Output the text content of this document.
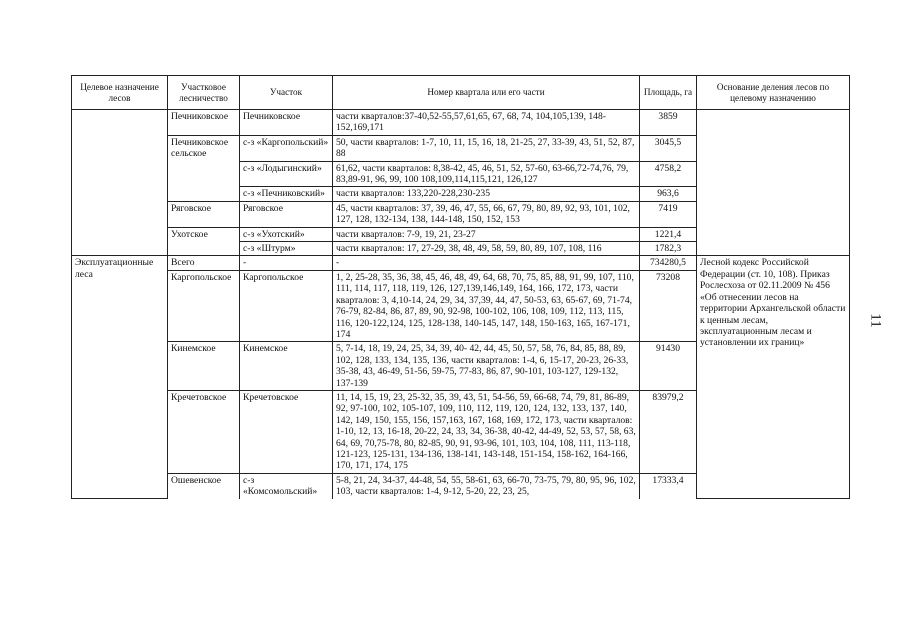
11
Целевое назначение лесов	Участковое лесничество	Участок	Номер квартала или его части	Площадь, га	Основание деления лесов по целевому назначению
	Печниковское	Печниковское	части кварталов:37-40,52-55,57,61,65, 67, 68, 74, 104,105,139, 148-152,169,171	3859	
	Печниковское сельское	с-з «Каргопольский»	50, части кварталов: 1-7, 10, 11, 15, 16, 18, 21-25, 27, 33-39, 43, 51, 52, 87, 88	3045,5	
		с-з «Лодыгинский»	61,62, части кварталов: 8,38-42, 45, 46, 51, 52, 57-60, 63-66,72-74,76, 79, 83,89-91, 96, 99, 100 108,109,114,115,121, 126,127	4758,2	
		с-з «Печниковский»	части кварталов: 133,220-228,230-235	963,6	
	Ряговское	Ряговское	45, части кварталов: 37, 39, 46, 47, 55, 66, 67, 79, 80, 89, 92, 93, 101, 102, 127, 128, 132-134, 138, 144-148, 150, 152, 153	7419	
	Ухотское	с-з «Ухотский»	части кварталов: 7-9, 19, 21, 23-27	1221,4	
		с-з «Штурм»	части кварталов: 17, 27-29, 38, 48, 49, 58, 59, 80, 89, 107, 108, 116	1782,3	
Эксплуатационные леса	Всего	-	-	734280,5	Лесной кодекс Российской Федерации (ст. 10, 108). Приказ Рослесхоза от 02.11.2009 № 456 «Об отнесении лесов на территории Архангельской области к ценным лесам, эксплуатационным лесам и установлении их границ»
	Каргопольское	Каргопольское	1, 2, 25-28, 35, 36, 38, 45, 46, 48, 49, 64, 68, 70, 75, 85, 88, 91, 99, 107, 110, 111, 114, 117, 118, 119, 126, 127,139,146,149, 164, 166, 172, 173, части кварталов: 3, 4,10-14, 24, 29, 34, 37,39, 44, 47, 50-53, 63, 65-67, 69, 71-74, 76-79, 82-84, 86, 87, 89, 90, 92-98, 100-102, 106, 108, 109, 112, 113, 115, 116, 120-122,124, 125, 128-138, 140-145, 147, 148, 150-163, 165, 167-171, 174	73208	
	Кинемское	Кинемское	5, 7-14, 18, 19, 24, 25, 34, 39, 40- 42, 44, 45, 50, 57, 58, 76, 84, 85, 88, 89, 102, 128, 133, 134, 135, 136, части кварталов: 1-4, 6, 15-17, 20-23, 26-33, 35-38, 43, 46-49, 51-56, 59-75, 77-83, 86, 87, 90-101, 103-127, 129-132, 137-139	91430	
	Кречетовское	Кречетовское	11, 14, 15, 19, 23, 25-32, 35, 39, 43, 51, 54-56, 59, 66-68, 74, 79, 81, 86-89, 92, 97-100, 102, 105-107, 109, 110, 112, 119, 120, 124, 132, 133, 137, 140, 142, 149, 150, 155, 156, 157,163, 167, 168, 169, 172, 173, части кварталов: 1-10, 12, 13, 16-18, 20-22, 24, 33, 34, 36-38, 40-42, 44-49, 52, 53, 57, 58, 63, 64, 69, 70,75-78, 80, 82-85, 90, 91, 93-96, 101, 103, 104, 108, 111, 113-118, 121-123, 125-131, 134-136, 138-141, 143-148, 151-154, 158-162, 164-166, 170, 171, 174, 175	83979,2	
	Ошевенское	с-з «Комсомольский»	5-8, 21, 24, 34-37, 44-48, 54, 55, 58-61, 63, 66-70, 73-75, 79, 80, 95, 96, 102, 103, части кварталов: 1-4, 9-12, 5-20, 22, 23, 25,	17333,4	
